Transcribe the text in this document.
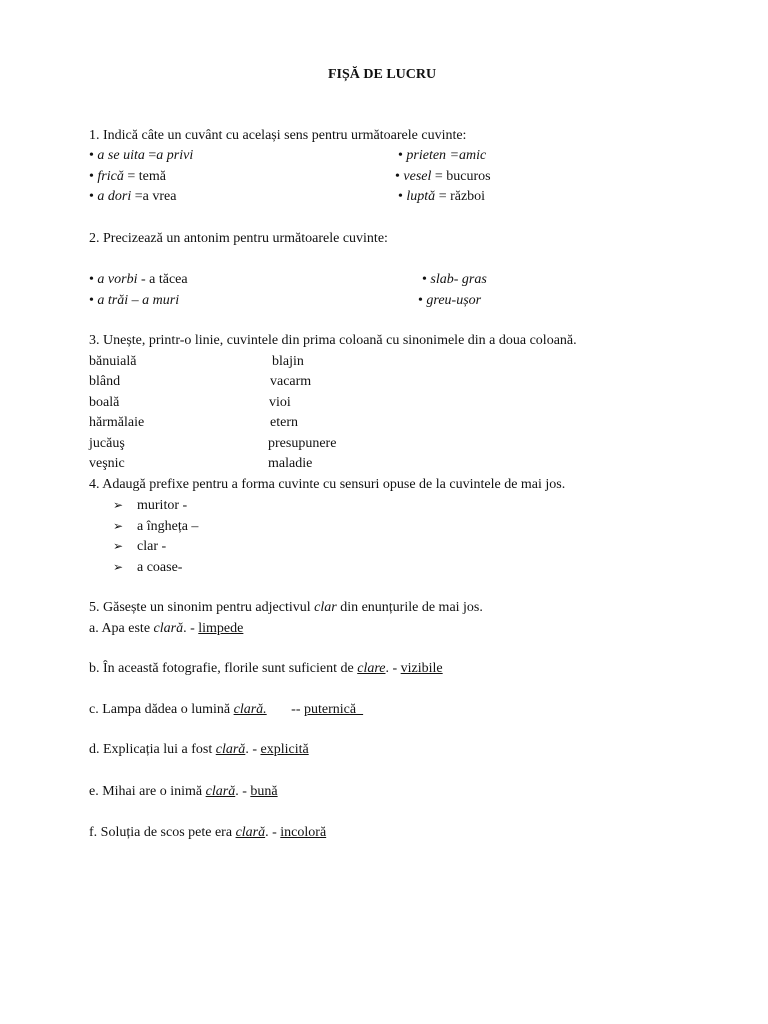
FIȘĂ DE LUCRU
1. Indică câte un cuvânt cu același sens pentru următoarele cuvinte:
• a se uita =a privi	• prieten =amic
• frică = temă	• vesel = bucuros
• a dori =a vrea	• luptă = război
2. Precizează un antonim pentru următoarele cuvinte:
• a vorbi - a tăcea	• slab- gras
• a trăi – a muri	• greu-ușor
3. Unește, printr-o linie, cuvintele din prima coloană cu sinonimele din a doua coloană.
bănuială	blajin
blând	vacarm
boală	vioi
hărmălaie	etern
jucăuş	presupunere
veşnic	maladie
4. Adaugă prefixe pentru a forma cuvinte cu sensuri opuse de la cuvintele de mai jos.
➢ muritor -
➢ a îngheța –
➢ clar -
➢ a coase-
5. Găsește un sinonim pentru adjectivul clar din enunțurile de mai jos.
a. Apa este clară. - limpede
b. În această fotografie, florile sunt suficient de clare. - vizibile
c. Lampa dădea o lumină clară.       -- puternică
d. Explicația lui a fost clară. - explicită
e. Mihai are o inimă clară. - bună
f. Soluția de scos pete era clară. - incoloră
